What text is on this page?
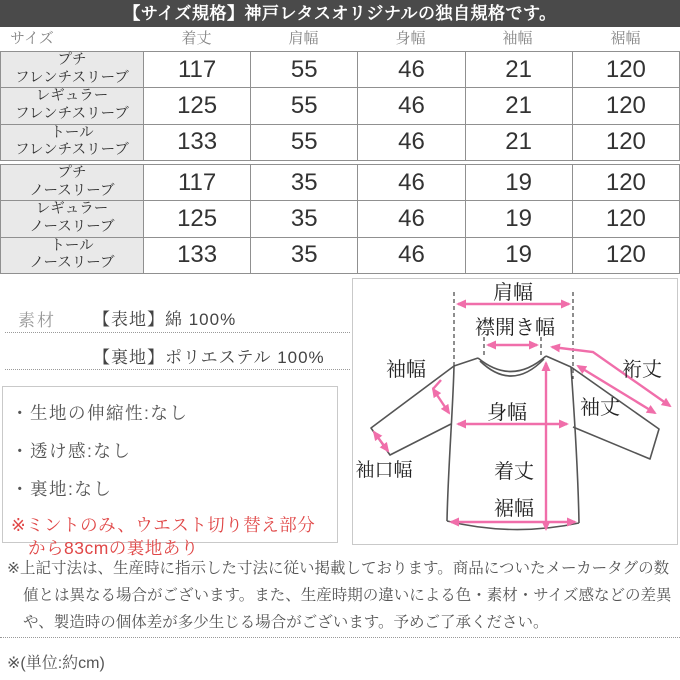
【サイズ規格】神戸レタスオリジナルの独自規格です。
サイズ	着丈	肩幅	身幅	袖幅	裾幅
プチ
フレンチスリーブ	117	55	46	21	120
レギュラー
フレンチスリーブ	125	55	46	21	120
トール
フレンチスリーブ	133	55	46	21	120
プチ
ノースリーブ	117	35	46	19	120
レギュラー
ノースリーブ	125	35	46	19	120
トール
ノースリーブ	133	35	46	19	120
素材 【表地】綿 100%
【裏地】ポリエステル 100%
・生地の伸縮性:なし
・透け感:なし
・裏地:なし
※ミントのみ、ウエスト切り替え部分
から83cmの裏地あり
肩幅
襟開き幅
袖幅
身幅
袖口幅	着丈
裾幅
裄丈
袖丈
※上記寸法は、生産時に指示した寸法に従い掲載しております。商品についたメーカータグの数値とは異なる場合がございます。また、生産時期の違いによる色・素材・サイズ感などの差異や、製造時の個体差が多少生じる場合がございます。予めご了承ください。
※(単位:約cm)
